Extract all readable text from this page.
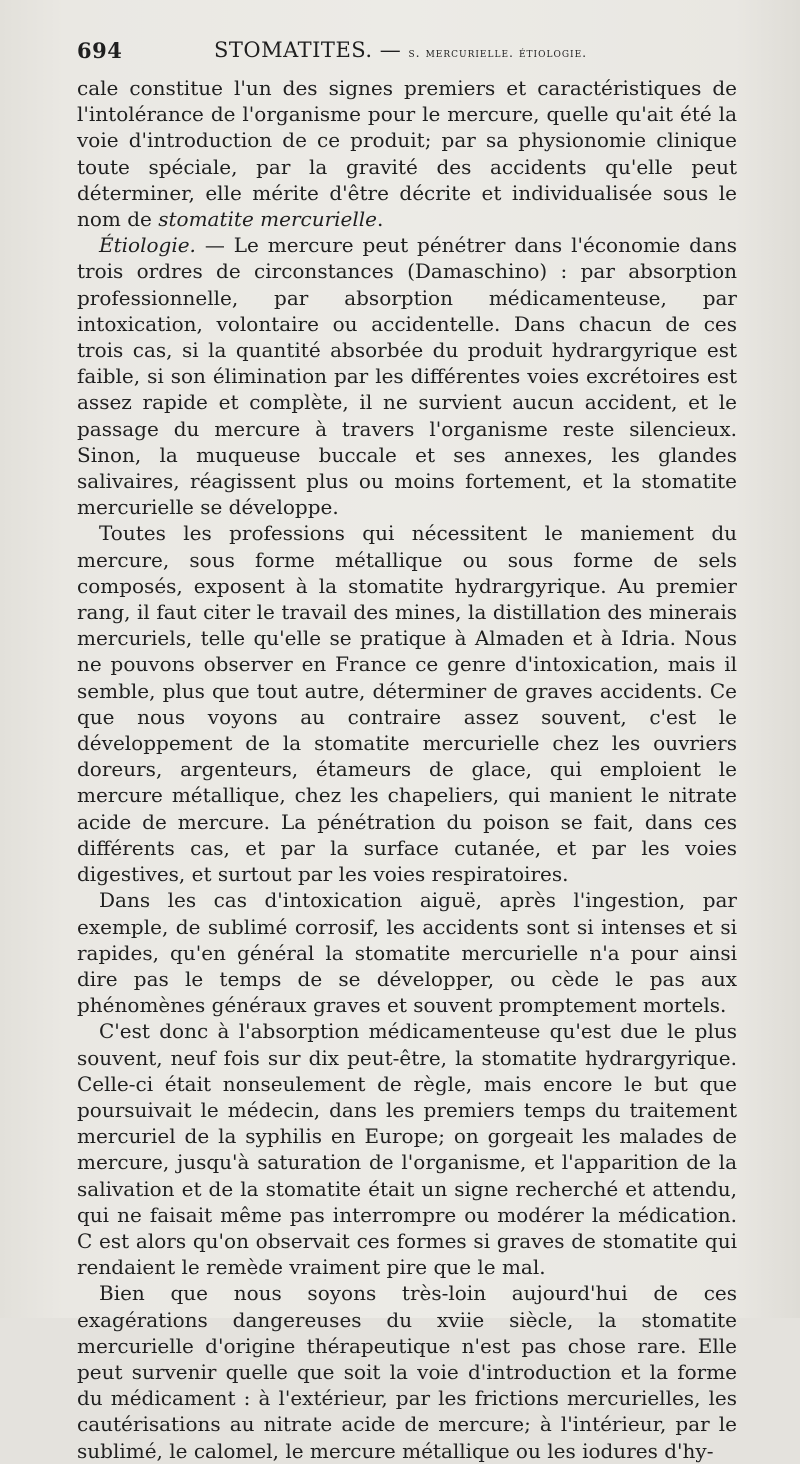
694	STOMATITES. — s. mercurielle. étiologie.

cale constitue l'un des signes premiers et caractéristiques de l'intolérance de l'organisme pour le mercure, quelle qu'ait été la voie d'introduction de ce produit; par sa physionomie clinique toute spéciale, par la gravité des accidents qu'elle peut déterminer, elle mérite d'être décrite et individualisée sous le nom de stomatite mercurielle.

Étiologie. — Le mercure peut pénétrer dans l'économie dans trois ordres de circonstances (Damaschino) : par absorption professionnelle, par absorption médicamenteuse, par intoxication, volontaire ou accidentelle. Dans chacun de ces trois cas, si la quantité absorbée du produit hydrargyrique est faible, si son élimination par les différentes voies excrétoires est assez rapide et complète, il ne survient aucun accident, et le passage du mercure à travers l'organisme reste silencieux. Sinon, la muqueuse buccale et ses annexes, les glandes salivaires, réagissent plus ou moins fortement, et la stomatite mercurielle se développe.

Toutes les professions qui nécessitent le maniement du mercure, sous forme métallique ou sous forme de sels composés, exposent à la stomatite hydrargyrique. Au premier rang, il faut citer le travail des mines, la distillation des minerais mercuriels, telle qu'elle se pratique à Almaden et à Idria. Nous ne pouvons observer en France ce genre d'intoxication, mais il semble, plus que tout autre, déterminer de graves accidents. Ce que nous voyons au contraire assez souvent, c'est le développement de la stomatite mercurielle chez les ouvriers doreurs, argenteurs, étameurs de glace, qui emploient le mercure métallique, chez les chapeliers, qui manient le nitrate acide de mercure. La pénétration du poison se fait, dans ces différents cas, et par la surface cutanée, et par les voies digestives, et surtout par les voies respiratoires.

Dans les cas d'intoxication aiguë, après l'ingestion, par exemple, de sublimé corrosif, les accidents sont si intenses et si rapides, qu'en général la stomatite mercurielle n'a pour ainsi dire pas le temps de se développer, ou cède le pas aux phénomènes généraux graves et souvent promptement mortels.

C'est donc à l'absorption médicamenteuse qu'est due le plus souvent, neuf fois sur dix peut-être, la stomatite hydrargyrique. Celle-ci était nonseulement de règle, mais encore le but que poursuivait le médecin, dans les premiers temps du traitement mercuriel de la syphilis en Europe; on gorgeait les malades de mercure, jusqu'à saturation de l'organisme, et l'apparition de la salivation et de la stomatite était un signe recherché et attendu, qui ne faisait même pas interrompre ou modérer la médication. C est alors qu'on observait ces formes si graves de stomatite qui rendaient le remède vraiment pire que le mal.

Bien que nous soyons très-loin aujourd'hui de ces exagérations dangereuses du xviie siècle, la stomatite mercurielle d'origine thérapeutique n'est pas chose rare. Elle peut survenir quelle que soit la voie d'introduction et la forme du médicament : à l'extérieur, par les frictions mercurielles, les cautérisations au nitrate acide de mercure; à l'intérieur, par le sublimé, le calomel, le mercure métallique ou les iodures d'hy-
